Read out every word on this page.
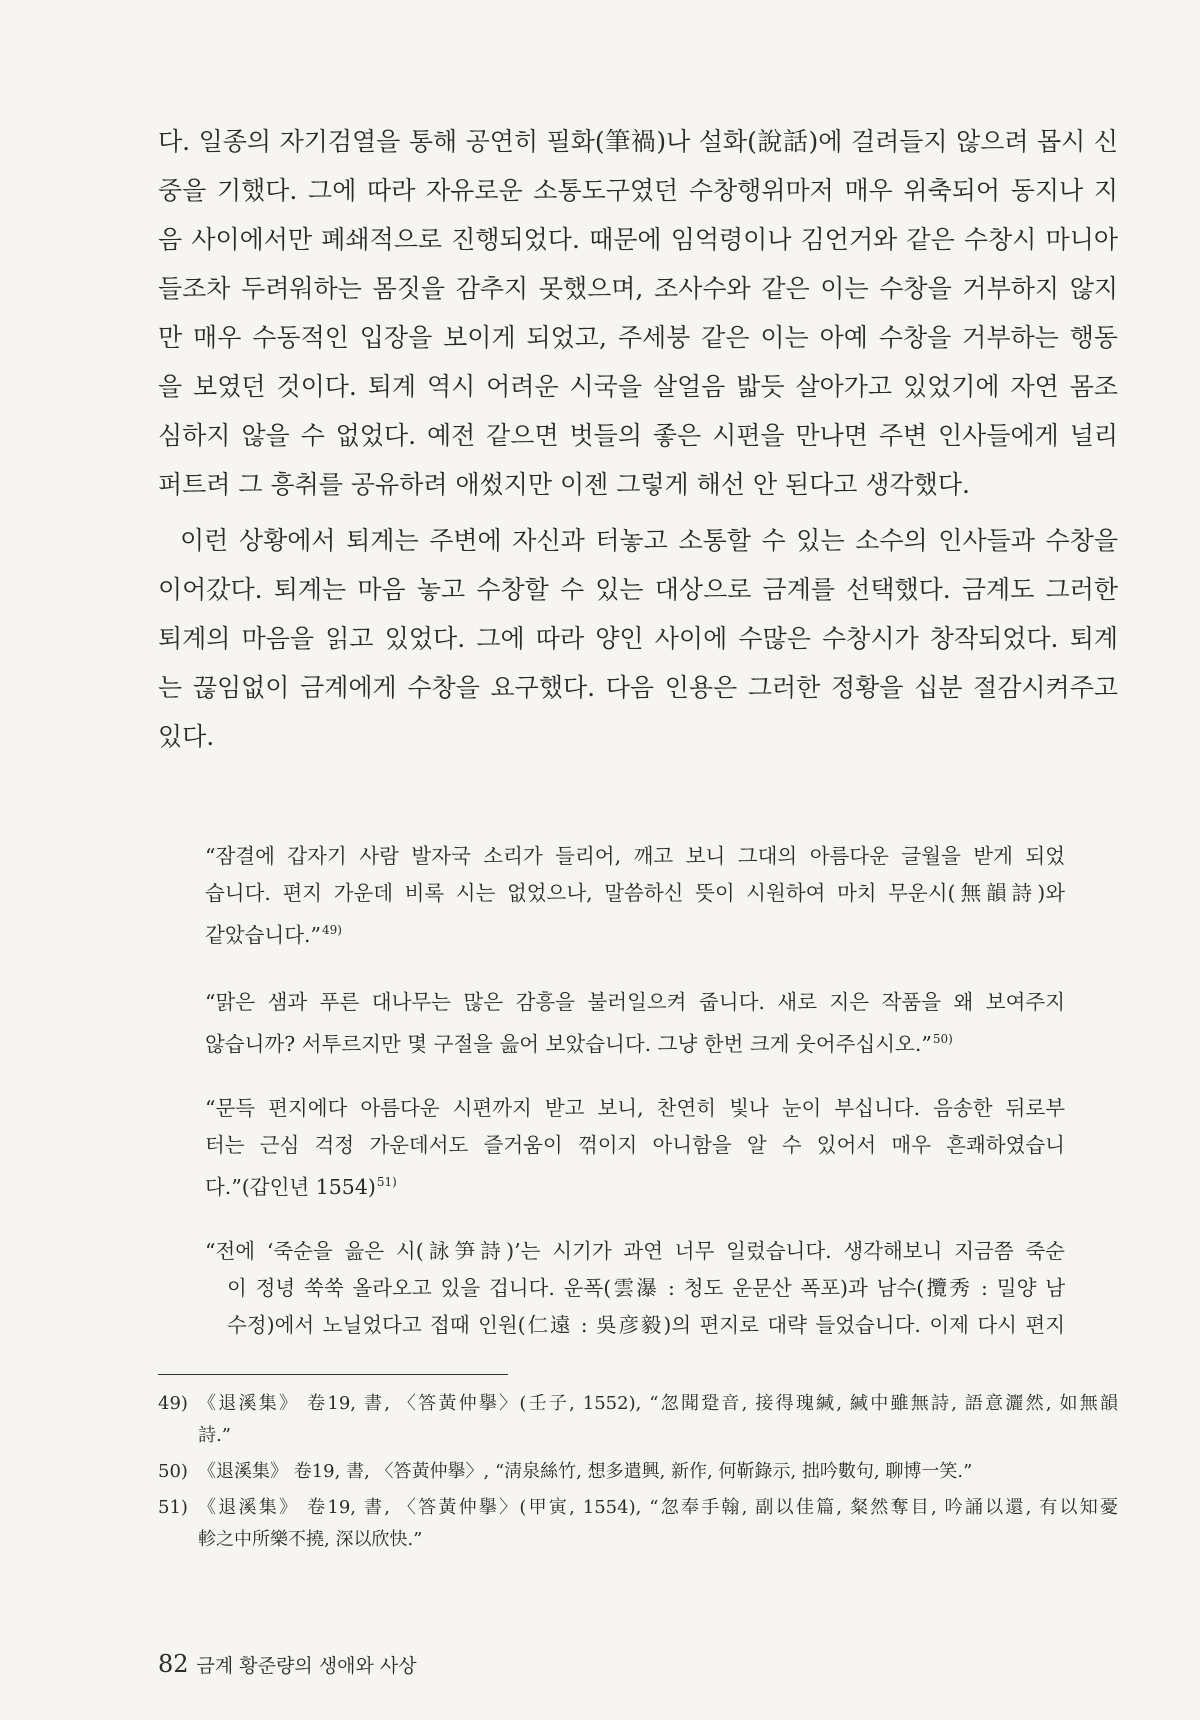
다. 일종의 자기검열을 통해 공연히 필화(筆禍)나 설화(說話)에 걸려들지 않으려 몹시 신
중을 기했다. 그에 따라 자유로운 소통도구였던 수창행위마저 매우 위축되어 동지나 지
음 사이에서만 폐쇄적으로 진행되었다. 때문에 임억령이나 김언거와 같은 수창시 마니아
들조차 두려워하는 몸짓을 감추지 못했으며, 조사수와 같은 이는 수창을 거부하지 않지
만 매우 수동적인 입장을 보이게 되었고, 주세붕 같은 이는 아예 수창을 거부하는 행동
을 보였던 것이다. 퇴계 역시 어려운 시국을 살얼음 밟듯 살아가고 있었기에 자연 몸조
심하지 않을 수 없었다. 예전 같으면 벗들의 좋은 시편을 만나면 주변 인사들에게 널리
퍼트려 그 흥취를 공유하려 애썼지만 이젠 그렇게 해선 안 된다고 생각했다.

이런 상황에서 퇴계는 주변에 자신과 터놓고 소통할 수 있는 소수의 인사들과 수창을
이어갔다. 퇴계는 마음 놓고 수창할 수 있는 대상으로 금계를 선택했다. 금계도 그러한
퇴계의 마음을 읽고 있었다. 그에 따라 양인 사이에 수많은 수창시가 창작되었다. 퇴계
는 끊임없이 금계에게 수창을 요구했다. 다음 인용은 그러한 정황을 십분 절감시켜주고
있다.

“잠결에 갑자기 사람 발자국 소리가 들리어, 깨고 보니 그대의 아름다운 글월을 받게 되었
습니다. 편지 가운데 비록 시는 없었으나, 말씀하신 뜻이 시원하여 마치 무운시(無韻詩)와
같았습니다.”$^{49)}$
“맑은 샘과 푸른 대나무는 많은 감흥을 불러일으켜 줍니다. 새로 지은 작품을 왜 보여주지
않습니까? 서투르지만 몇 구절을 읊어 보았습니다. 그냥 한번 크게 웃어주십시오.”$^{50)}$
“문득 편지에다 아름다운 시편까지 받고 보니, 찬연히 빛나 눈이 부십니다. 음송한 뒤로부
터는 근심 걱정 가운데서도 즐거움이 꺾이지 아니함을 알 수 있어서 매우 흔쾌하였습니
다.”(갑인년 1554)$^{51)}$
“전에 ‘죽순을 읊은 시(詠笋詩)’는 시기가 과연 너무 일렀습니다. 생각해보니 지금쯤 죽순
이 정녕 쑥쑥 올라오고 있을 겁니다. 운폭(雲瀑 : 청도 운문산 폭포)과 남수(攬秀 : 밀양 남
수정)에서 노닐었다고 접때 인원(仁遠 : 吳彦毅)의 편지로 대략 들었습니다. 이제 다시 편지
49) 《退溪集》 卷19, 書, 〈答黃仲擧〉(壬子, 1552), “忽聞跫音, 接得瑰緘, 緘中雖無詩, 語意灑然, 如無韻
詩.”
50) 《退溪集》 卷19, 書, 〈答黃仲擧〉, “淸泉絲竹, 想多遣興, 新作, 何靳錄示, 拙吟數句, 聊博一笑.”
51) 《退溪集》 卷19, 書, 〈答黃仲擧〉(甲寅, 1554), “忽奉手翰, 副以佳篇, 粲然奪目, 吟誦以還, 有以知憂
軫之中所樂不撓, 深以欣快.”
82 금계 황준량의 생애와 사상
